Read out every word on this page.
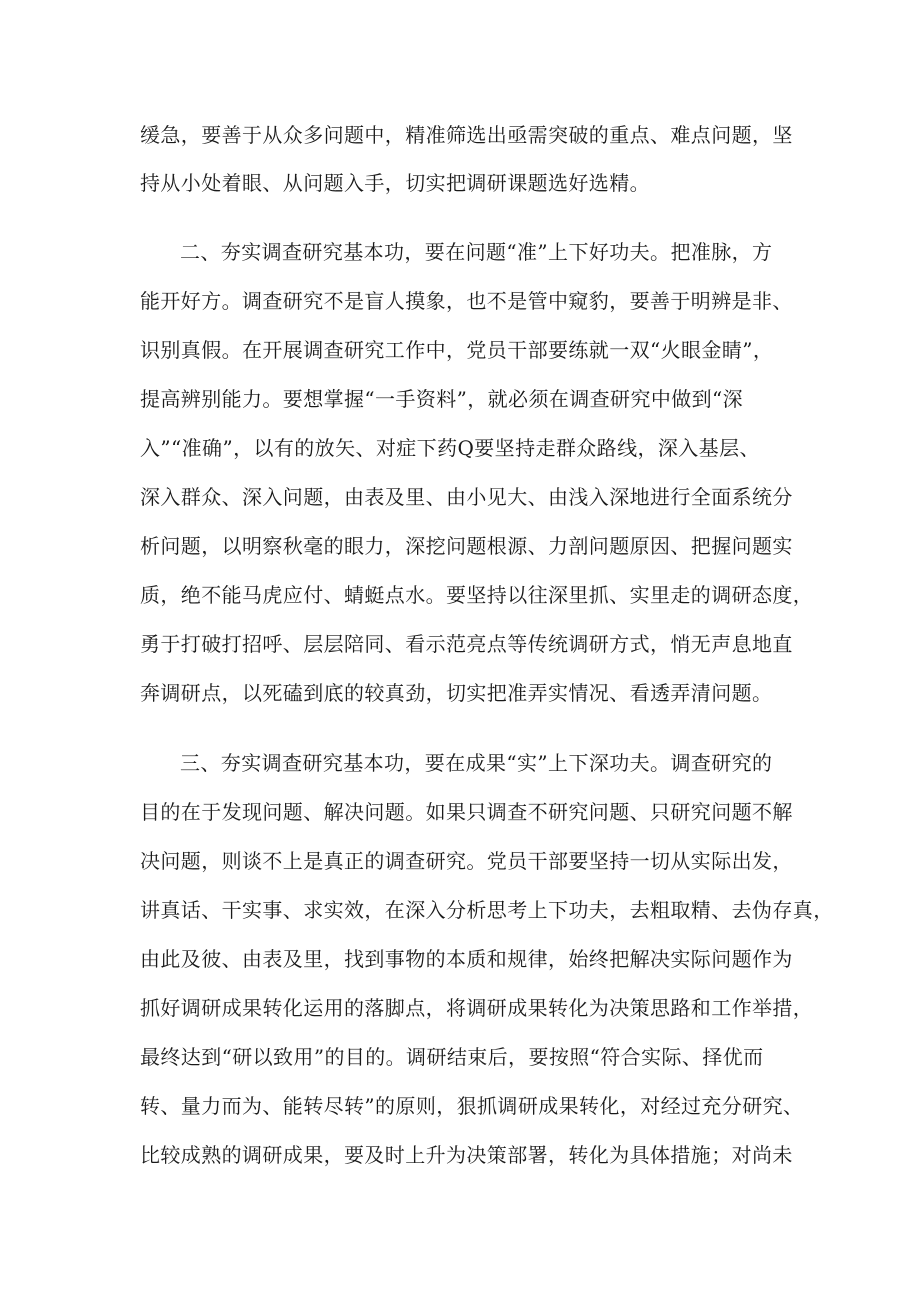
缓急，要善于从众多问题中，精准筛选出亟需突破的重点、难点问题，坚
持从小处着眼、从问题入手，切实把调研课题选好选精。
二、夯实调查研究基本功，要在问题“准”上下好功夫。把准脉，方
能开好方。调查研究不是盲人摸象，也不是管中窥豹，要善于明辨是非、
识别真假。在开展调查研究工作中，党员干部要练就一双“火眼金睛”，
提高辨别能力。要想掌握“一手资料”，就必须在调查研究中做到“深
入”“准确”，以有的放矢、对症下药Q要坚持走群众路线，深入基层、
深入群众、深入问题，由表及里、由小见大、由浅入深地进行全面系统分
析问题，以明察秋毫的眼力，深挖问题根源、力剖问题原因、把握问题实
质，绝不能马虎应付、蜻蜓点水。要坚持以往深里抓、实里走的调研态度，
勇于打破打招呼、层层陪同、看示范亮点等传统调研方式，悄无声息地直
奔调研点，以死磕到底的较真劲，切实把准弄实情况、看透弄清问题。
三、夯实调查研究基本功，要在成果“实”上下深功夫。调查研究的
目的在于发现问题、解决问题。如果只调查不研究问题、只研究问题不解
决问题，则谈不上是真正的调查研究。党员干部要坚持一切从实际出发，
讲真话、干实事、求实效，在深入分析思考上下功夫，去粗取精、去伪存真，
由此及彼、由表及里，找到事物的本质和规律，始终把解决实际问题作为
抓好调研成果转化运用的落脚点，将调研成果转化为决策思路和工作举措，
最终达到“研以致用”的目的。调研结束后，要按照“符合实际、择优而
转、量力而为、能转尽转”的原则，狠抓调研成果转化，对经过充分研究、
比较成熟的调研成果，要及时上升为决策部署，转化为具体措施；对尚未
